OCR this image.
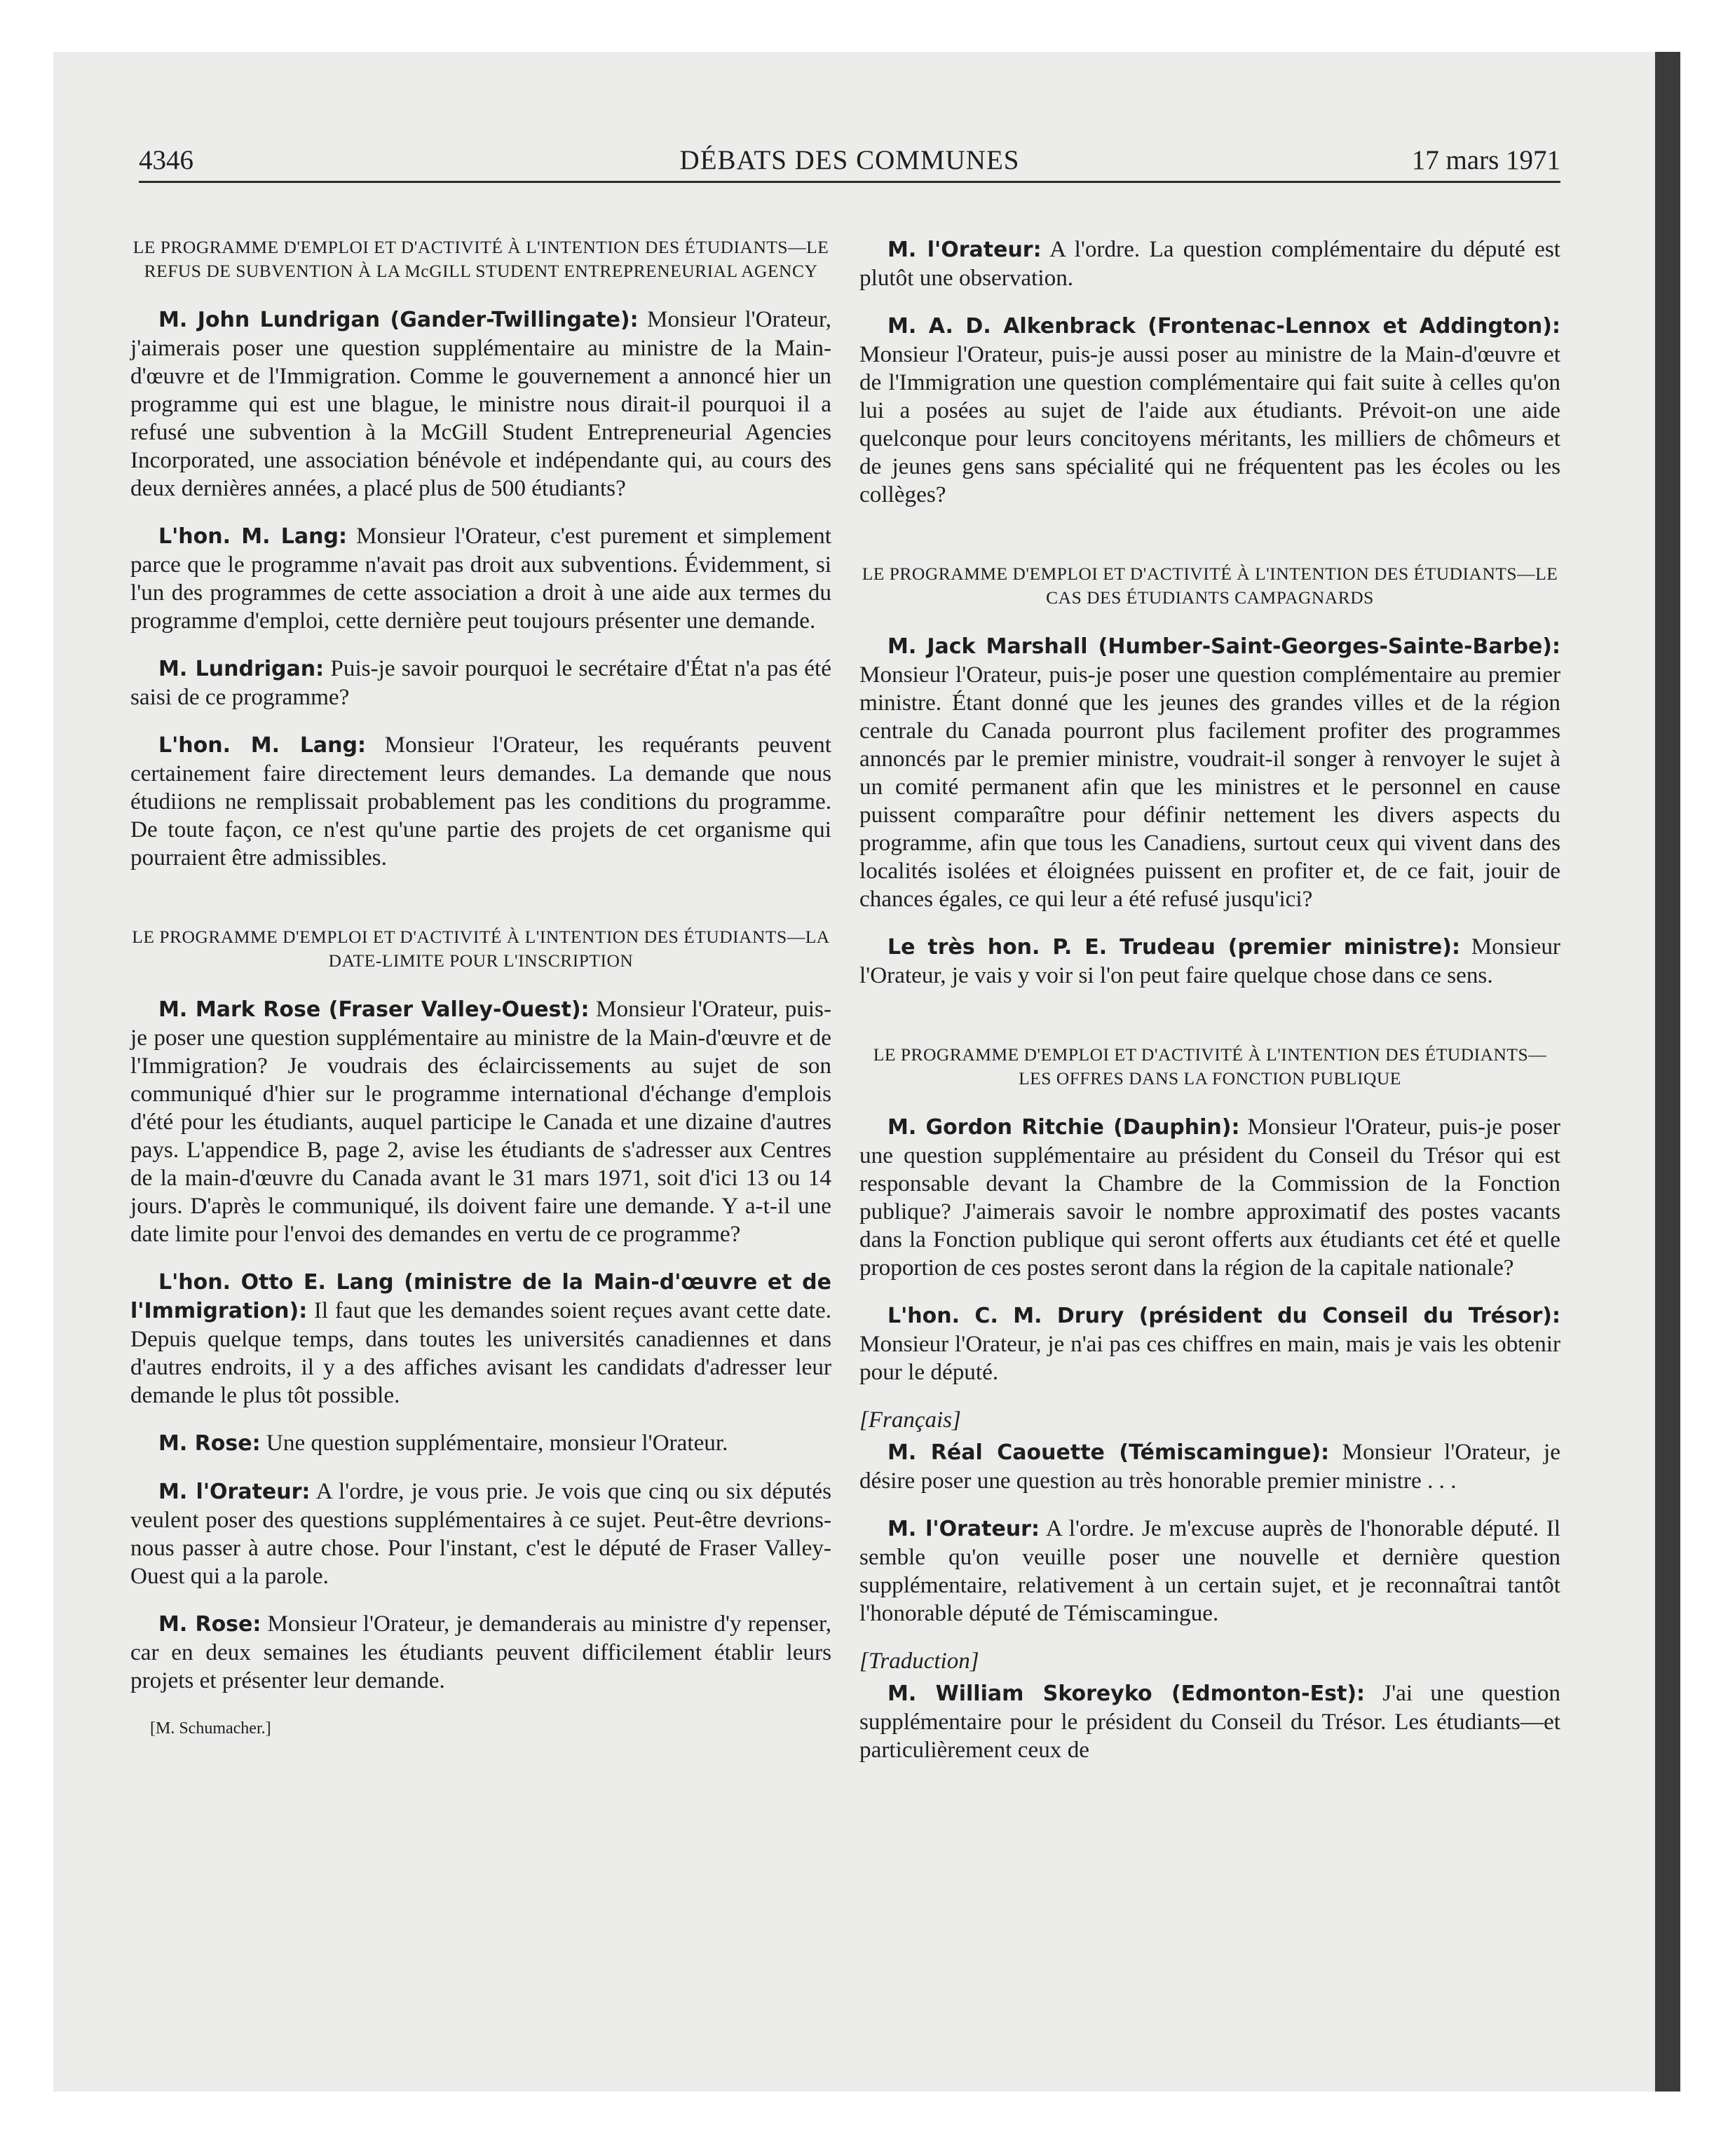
4346	DÉBATS DES COMMUNES	17 mars 1971
LE PROGRAMME D'EMPLOI ET D'ACTIVITÉ À L'INTENTION DES ÉTUDIANTS—LE REFUS DE SUBVENTION À LA McGILL STUDENT ENTREPRENEURIAL AGENCY

M. John Lundrigan (Gander-Twillingate): Monsieur l'Orateur, j'aimerais poser une question supplémentaire au ministre de la Main-d'œuvre et de l'Immigration. Comme le gouvernement a annoncé hier un programme qui est une blague, le ministre nous dirait-il pourquoi il a refusé une subvention à la McGill Student Entrepreneurial Agencies Incorporated, une association bénévole et indépendante qui, au cours des deux dernières années, a placé plus de 500 étudiants?

L'hon. M. Lang: Monsieur l'Orateur, c'est purement et simplement parce que le programme n'avait pas droit aux subventions. Évidemment, si l'un des programmes de cette association a droit à une aide aux termes du programme d'emploi, cette dernière peut toujours présenter une demande.

M. Lundrigan: Puis-je savoir pourquoi le secrétaire d'État n'a pas été saisi de ce programme?

L'hon. M. Lang: Monsieur l'Orateur, les requérants peuvent certainement faire directement leurs demandes. La demande que nous étudiions ne remplissait probablement pas les conditions du programme. De toute façon, ce n'est qu'une partie des projets de cet organisme qui pourraient être admissibles.

LE PROGRAMME D'EMPLOI ET D'ACTIVITÉ À L'INTENTION DES ÉTUDIANTS—LA DATE-LIMITE POUR L'INSCRIPTION

M. Mark Rose (Fraser Valley-Ouest): Monsieur l'Orateur, puis-je poser une question supplémentaire au ministre de la Main-d'œuvre et de l'Immigration? Je voudrais des éclaircissements au sujet de son communiqué d'hier sur le programme international d'échange d'emplois d'été pour les étudiants, auquel participe le Canada et une dizaine d'autres pays. L'appendice B, page 2, avise les étudiants de s'adresser aux Centres de la main-d'œuvre du Canada avant le 31 mars 1971, soit d'ici 13 ou 14 jours. D'après le communiqué, ils doivent faire une demande. Y a-t-il une date limite pour l'envoi des demandes en vertu de ce programme?

L'hon. Otto E. Lang (ministre de la Main-d'œuvre et de l'Immigration): Il faut que les demandes soient reçues avant cette date. Depuis quelque temps, dans toutes les universités canadiennes et dans d'autres endroits, il y a des affiches avisant les candidats d'adresser leur demande le plus tôt possible.

M. Rose: Une question supplémentaire, monsieur l'Orateur.

M. l'Orateur: A l'ordre, je vous prie. Je vois que cinq ou six députés veulent poser des questions supplémentaires à ce sujet. Peut-être devrions-nous passer à autre chose. Pour l'instant, c'est le député de Fraser Valley-Ouest qui a la parole.

M. Rose: Monsieur l'Orateur, je demanderais au ministre d'y repenser, car en deux semaines les étudiants peuvent difficilement établir leurs projets et présenter leur demande.

[M. Schumacher.]

M. l'Orateur: A l'ordre. La question complémentaire du député est plutôt une observation.

M. A. D. Alkenbrack (Frontenac-Lennox et Addington): Monsieur l'Orateur, puis-je aussi poser au ministre de la Main-d'œuvre et de l'Immigration une question complémentaire qui fait suite à celles qu'on lui a posées au sujet de l'aide aux étudiants. Prévoit-on une aide quelconque pour leurs concitoyens méritants, les milliers de chômeurs et de jeunes gens sans spécialité qui ne fréquentent pas les écoles ou les collèges?

LE PROGRAMME D'EMPLOI ET D'ACTIVITÉ À L'INTENTION DES ÉTUDIANTS—LE CAS DES ÉTUDIANTS CAMPAGNARDS

M. Jack Marshall (Humber-Saint-Georges-Sainte-Barbe): Monsieur l'Orateur, puis-je poser une question complémentaire au premier ministre. Étant donné que les jeunes des grandes villes et de la région centrale du Canada pourront plus facilement profiter des programmes annoncés par le premier ministre, voudrait-il songer à renvoyer le sujet à un comité permanent afin que les ministres et le personnel en cause puissent comparaître pour définir nettement les divers aspects du programme, afin que tous les Canadiens, surtout ceux qui vivent dans des localités isolées et éloignées puissent en profiter et, de ce fait, jouir de chances égales, ce qui leur a été refusé jusqu'ici?

Le très hon. P. E. Trudeau (premier ministre): Monsieur l'Orateur, je vais y voir si l'on peut faire quelque chose dans ce sens.

LE PROGRAMME D'EMPLOI ET D'ACTIVITÉ À L'INTENTION DES ÉTUDIANTS—LES OFFRES DANS LA FONCTION PUBLIQUE

M. Gordon Ritchie (Dauphin): Monsieur l'Orateur, puis-je poser une question supplémentaire au président du Conseil du Trésor qui est responsable devant la Chambre de la Commission de la Fonction publique? J'aimerais savoir le nombre approximatif des postes vacants dans la Fonction publique qui seront offerts aux étudiants cet été et quelle proportion de ces postes seront dans la région de la capitale nationale?

L'hon. C. M. Drury (président du Conseil du Trésor): Monsieur l'Orateur, je n'ai pas ces chiffres en main, mais je vais les obtenir pour le député.

[Français]

M. Réal Caouette (Témiscamingue): Monsieur l'Orateur, je désire poser une question au très honorable premier ministre . . .

M. l'Orateur: A l'ordre. Je m'excuse auprès de l'honorable député. Il semble qu'on veuille poser une nouvelle et dernière question supplémentaire, relativement à un certain sujet, et je reconnaîtrai tantôt l'honorable député de Témiscamingue.

[Traduction]

M. William Skoreyko (Edmonton-Est): J'ai une question supplémentaire pour le président du Conseil du Trésor. Les étudiants—et particulièrement ceux de
